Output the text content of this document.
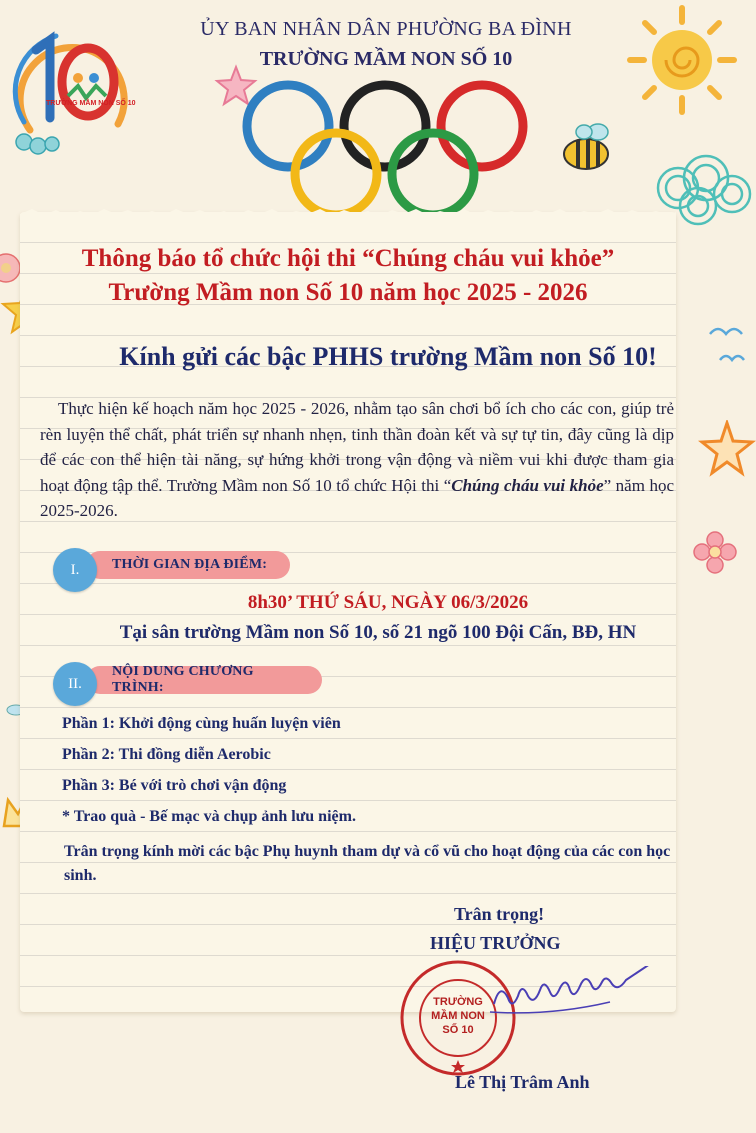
TRƯỜNG MẦM NON SỐ 10
ỦY BAN NHÂN DÂN PHƯỜNG BA ĐÌNH
TRƯỜNG MẦM NON SỐ 10
Thông báo tổ chức hội thi “Chúng cháu vui khỏe”
Trường Mầm non Số 10 năm học 2025 - 2026
Kính gửi các bậc PHHS trường Mầm non Số 10!

Thực hiện kế hoạch năm học 2025 - 2026, nhằm tạo sân chơi bổ ích cho các con, giúp trẻ rèn luyện thể chất, phát triển sự nhanh nhẹn, tinh thần đoàn kết và sự tự tin, đây cũng là dịp để các con thể hiện tài năng, sự hứng khởi trong vận động và niềm vui khi được tham gia hoạt động tập thể. Trường Mầm non Số 10 tổ chức Hội thi “Chúng cháu vui khỏe” năm học 2025-2026.

THỜI GIAN ĐỊA ĐIỂM:
I.
8h30’ THỨ SÁU, NGÀY 06/3/2026
Tại sân trường Mầm non Số 10, số 21 ngõ 100 Đội Cấn, BĐ, HN
NỘI DUNG CHƯƠNG TRÌNH:
II.
Phần 1: Khởi động cùng huấn luyện viên
Phần 2: Thi đồng diễn Aerobic
Phần 3: Bé với trò chơi vận động
* Trao quà - Bế mạc và chụp ảnh lưu niệm.
Trân trọng kính mời các bậc Phụ huynh tham dự và cổ vũ cho hoạt động của các con học sinh.
Trân trọng!
HIỆU TRƯỞNG
TRƯỜNG
MẦM NON
SỐ 10
Lê Thị Trâm Anh
